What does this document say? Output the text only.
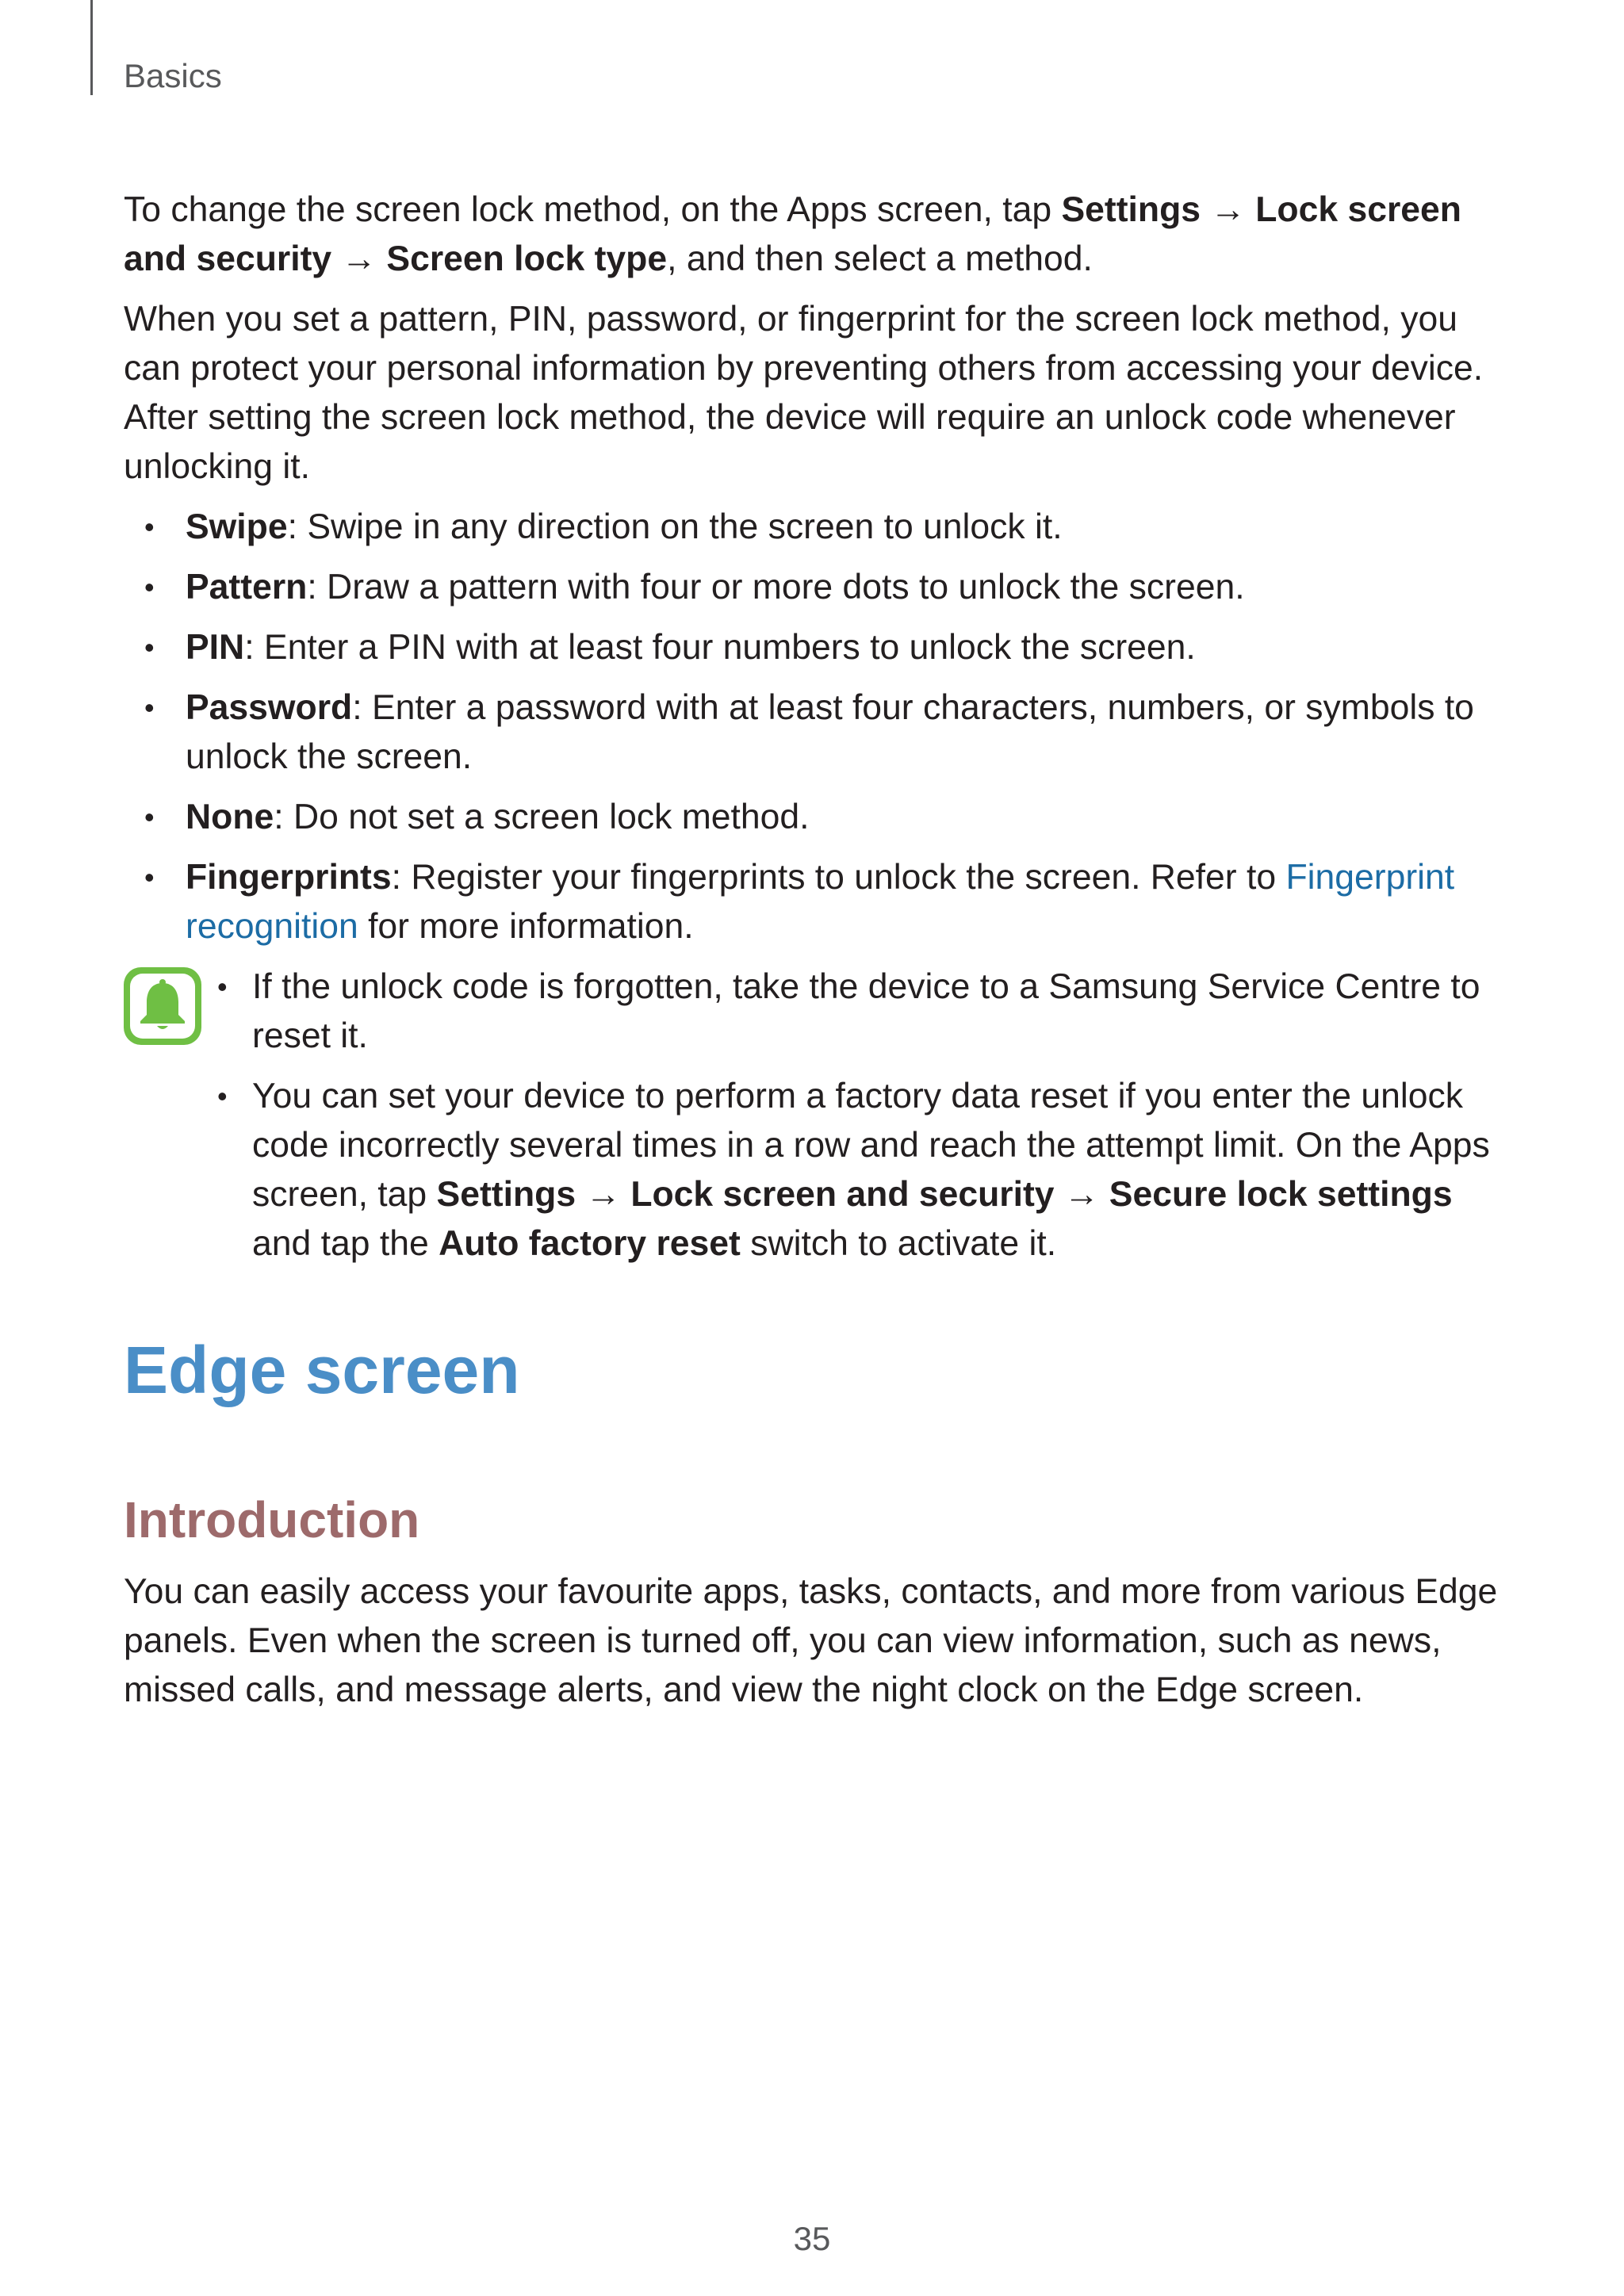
Basics

To change the screen lock method, on the Apps screen, tap Settings → Lock screen and security → Screen lock type, and then select a method.

When you set a pattern, PIN, password, or fingerprint for the screen lock method, you can protect your personal information by preventing others from accessing your device. After setting the screen lock method, the device will require an unlock code whenever unlocking it.

• Swipe: Swipe in any direction on the screen to unlock it.
• Pattern: Draw a pattern with four or more dots to unlock the screen.
• PIN: Enter a PIN with at least four numbers to unlock the screen.
• Password: Enter a password with at least four characters, numbers, or symbols to unlock the screen.
• None: Do not set a screen lock method.
• Fingerprints: Register your fingerprints to unlock the screen. Refer to Fingerprint recognition for more information.
• If the unlock code is forgotten, take the device to a Samsung Service Centre to reset it.
• You can set your device to perform a factory data reset if you enter the unlock code incorrectly several times in a row and reach the attempt limit. On the Apps screen, tap Settings → Lock screen and security → Secure lock settings and tap the Auto factory reset switch to activate it.
Edge screen
Introduction

You can easily access your favourite apps, tasks, contacts, and more from various Edge panels. Even when the screen is turned off, you can view information, such as news, missed calls, and message alerts, and view the night clock on the Edge screen.

35
